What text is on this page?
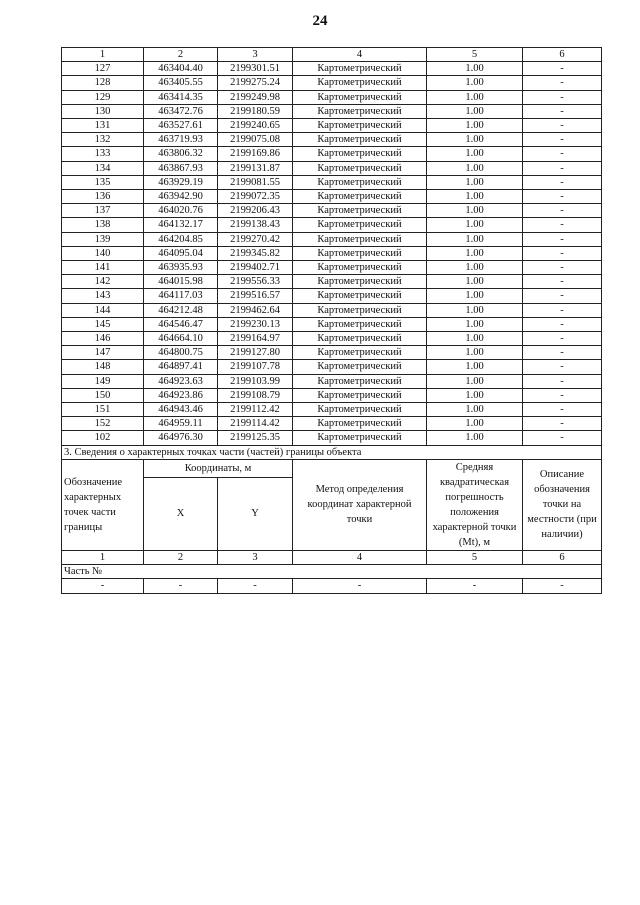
24
1	2	3	4	5	6
127	463404.40	2199301.51	Картометрический	1.00	-
128	463405.55	2199275.24	Картометрический	1.00	-
129	463414.35	2199249.98	Картометрический	1.00	-
130	463472.76	2199180.59	Картометрический	1.00	-
131	463527.61	2199240.65	Картометрический	1.00	-
132	463719.93	2199075.08	Картометрический	1.00	-
133	463806.32	2199169.86	Картометрический	1.00	-
134	463867.93	2199131.87	Картометрический	1.00	-
135	463929.19	2199081.55	Картометрический	1.00	-
136	463942.90	2199072.35	Картометрический	1.00	-
137	464020.76	2199206.43	Картометрический	1.00	-
138	464132.17	2199138.43	Картометрический	1.00	-
139	464204.85	2199270.42	Картометрический	1.00	-
140	464095.04	2199345.82	Картометрический	1.00	-
141	463935.93	2199402.71	Картометрический	1.00	-
142	464015.98	2199556.33	Картометрический	1.00	-
143	464117.03	2199516.57	Картометрический	1.00	-
144	464212.48	2199462.64	Картометрический	1.00	-
145	464546.47	2199230.13	Картометрический	1.00	-
146	464664.10	2199164.97	Картометрический	1.00	-
147	464800.75	2199127.80	Картометрический	1.00	-
148	464897.41	2199107.78	Картометрический	1.00	-
149	464923.63	2199103.99	Картометрический	1.00	-
150	464923.86	2199108.79	Картометрический	1.00	-
151	464943.46	2199112.42	Картометрический	1.00	-
152	464959.11	2199114.42	Картометрический	1.00	-
102	464976.30	2199125.35	Картометрический	1.00	-
3. Сведения о характерных точках части (частей) границы объекта					
Обозначение характерных точек части границы	Координаты, м		Метод определения координат характерной точки	Средняя квадратическая погрешность положения характерной точки (Mt), м	Описание обозначения точки на местности (при наличии)
	X	Y			
1	2	3	4	5	6
Часть №					
-	-	-	-	-	-
